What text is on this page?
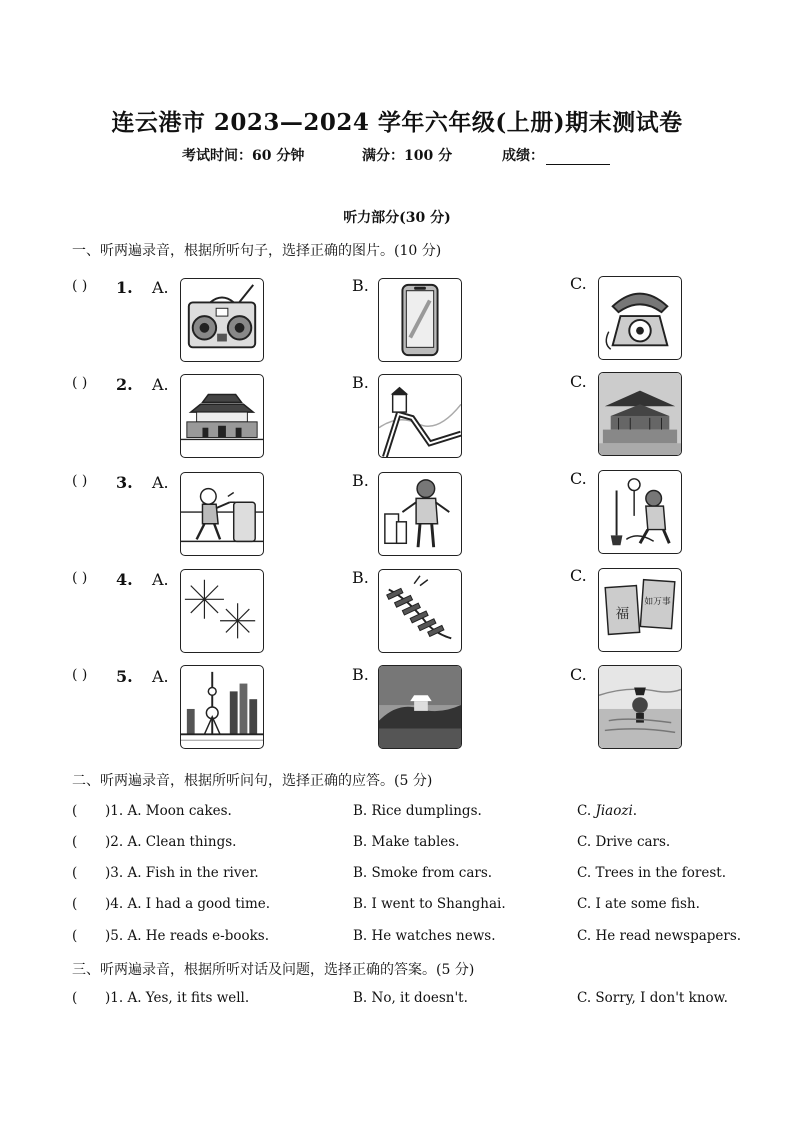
连云港市 2023—2024 学年六年级(上册)期末测试卷
考试时间：60 分钟	满分：100 分	成绩：
听力部分(30 分)
一、听两遍录音，根据所听句子，选择正确的图片。(10 分)
( ) 1. A.	B.	C.
( ) 2. A.	B.	C.
( ) 3. A.	B.	C.
( ) 4. A.	B.	C.
福
如万事
( ) 5. A.	B.	C.
二、听两遍录音，根据所听问句，选择正确的应答。(5 分)
( )1. A. Moon cakes.	B. Rice dumplings.	C. Jiaozi.
( )2. A. Clean things.	B. Make tables.	C. Drive cars.
( )3. A. Fish in the river.	B. Smoke from cars.	C. Trees in the forest.
( )4. A. I had a good time.	B. I went to Shanghai.	C. I ate some fish.
( )5. A. He reads e-books.	B. He watches news.	C. He read newspapers.
三、听两遍录音，根据所听对话及问题，选择正确的答案。(5 分)
( )1. A. Yes, it fits well.	B. No, it doesn't.	C. Sorry, I don't know.
